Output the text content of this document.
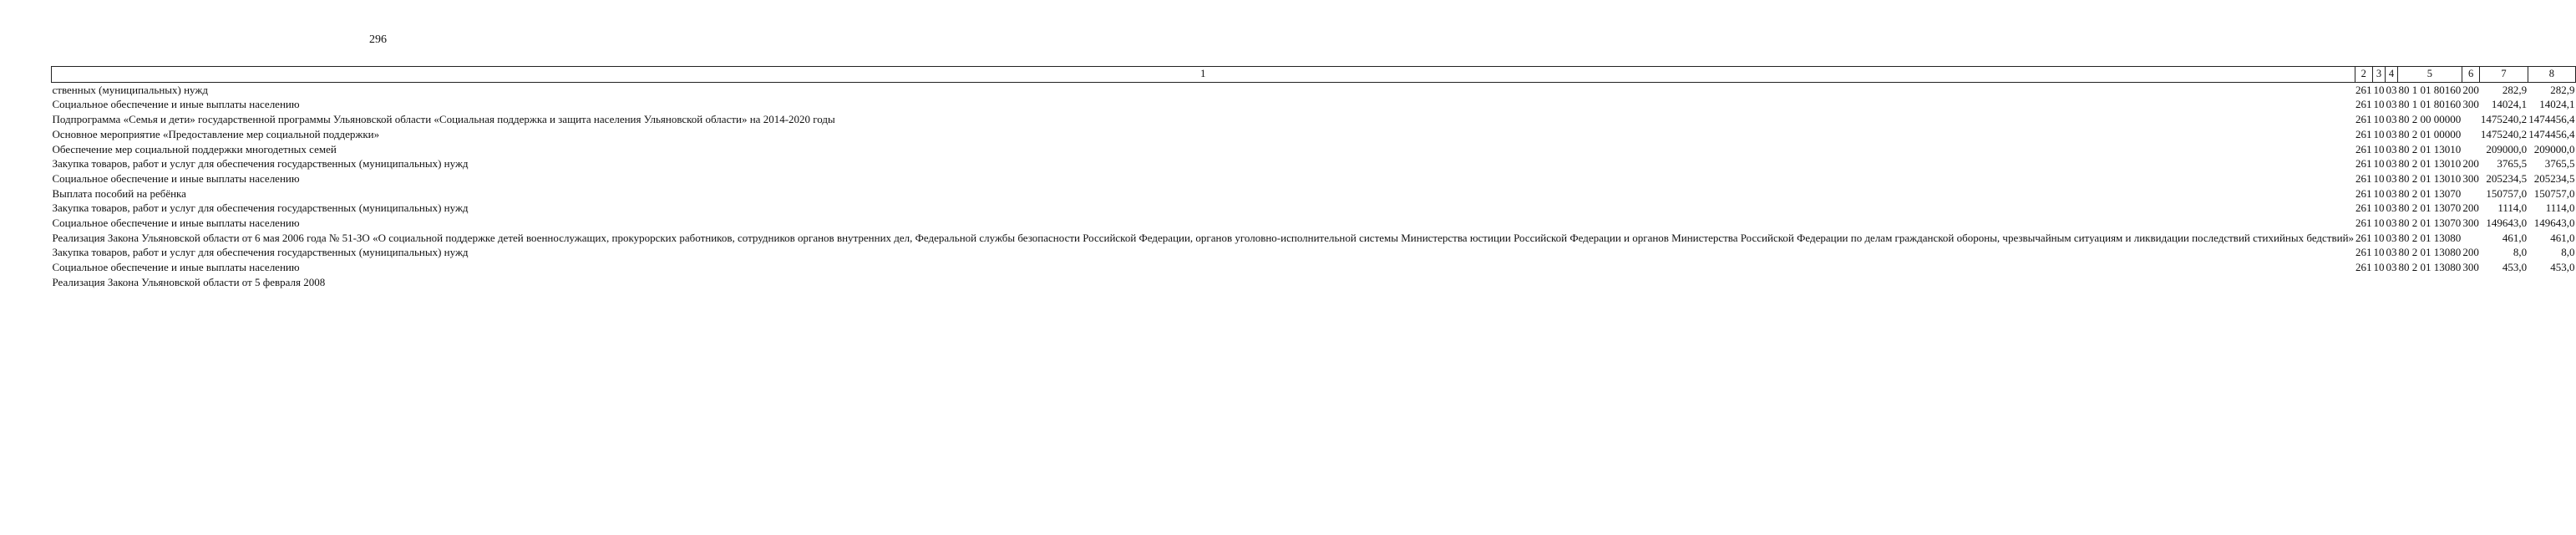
296
1	2	3	4	5	6	7	8
ственных (муниципальных) нужд	261	10	03	80 1 01 80160	200	282,9	282,9
Социальное обеспечение и иные выплаты населению	261	10	03	80 1 01 80160	300	14024,1	14024,1
Подпрограмма «Семья и дети» государственной программы Ульяновской области «Социальная поддержка и защита населения Ульяновской области» на 2014-2020 годы	261	10	03	80 2 00 00000		1475240,2	1474456,4
Основное мероприятие «Предоставление мер социальной поддержки»	261	10	03	80 2 01 00000		1475240,2	1474456,4
Обеспечение мер социальной поддержки многодетных семей	261	10	03	80 2 01 13010		209000,0	209000,0
Закупка товаров, работ и услуг для обеспечения государственных (муниципальных) нужд	261	10	03	80 2 01 13010	200	3765,5	3765,5
Социальное обеспечение и иные выплаты населению	261	10	03	80 2 01 13010	300	205234,5	205234,5
Выплата пособий на ребёнка	261	10	03	80 2 01 13070		150757,0	150757,0
Закупка товаров, работ и услуг для обеспечения государственных (муниципальных) нужд	261	10	03	80 2 01 13070	200	1114,0	1114,0
Социальное обеспечение и иные выплаты населению	261	10	03	80 2 01 13070	300	149643,0	149643,0
Реализация Закона Ульяновской области от 6 мая 2006 года № 51-ЗО «О социальной поддержке детей военнослужащих, прокурорских работников, сотрудников органов внутренних дел, Федеральной службы безопасности Российской Федерации, органов уголовно-исполнительной системы Министерства юстиции Российской Федерации и органов Министерства Российской Федерации по делам гражданской обороны, чрезвычайным ситуациям и ликвидации последствий стихийных бедствий»	261	10	03	80 2 01 13080		461,0	461,0
Закупка товаров, работ и услуг для обеспечения государственных (муниципальных) нужд	261	10	03	80 2 01 13080	200	8,0	8,0
Социальное обеспечение и иные выплаты населению	261	10	03	80 2 01 13080	300	453,0	453,0
Реализация Закона Ульяновской области от 5 февраля 2008							
